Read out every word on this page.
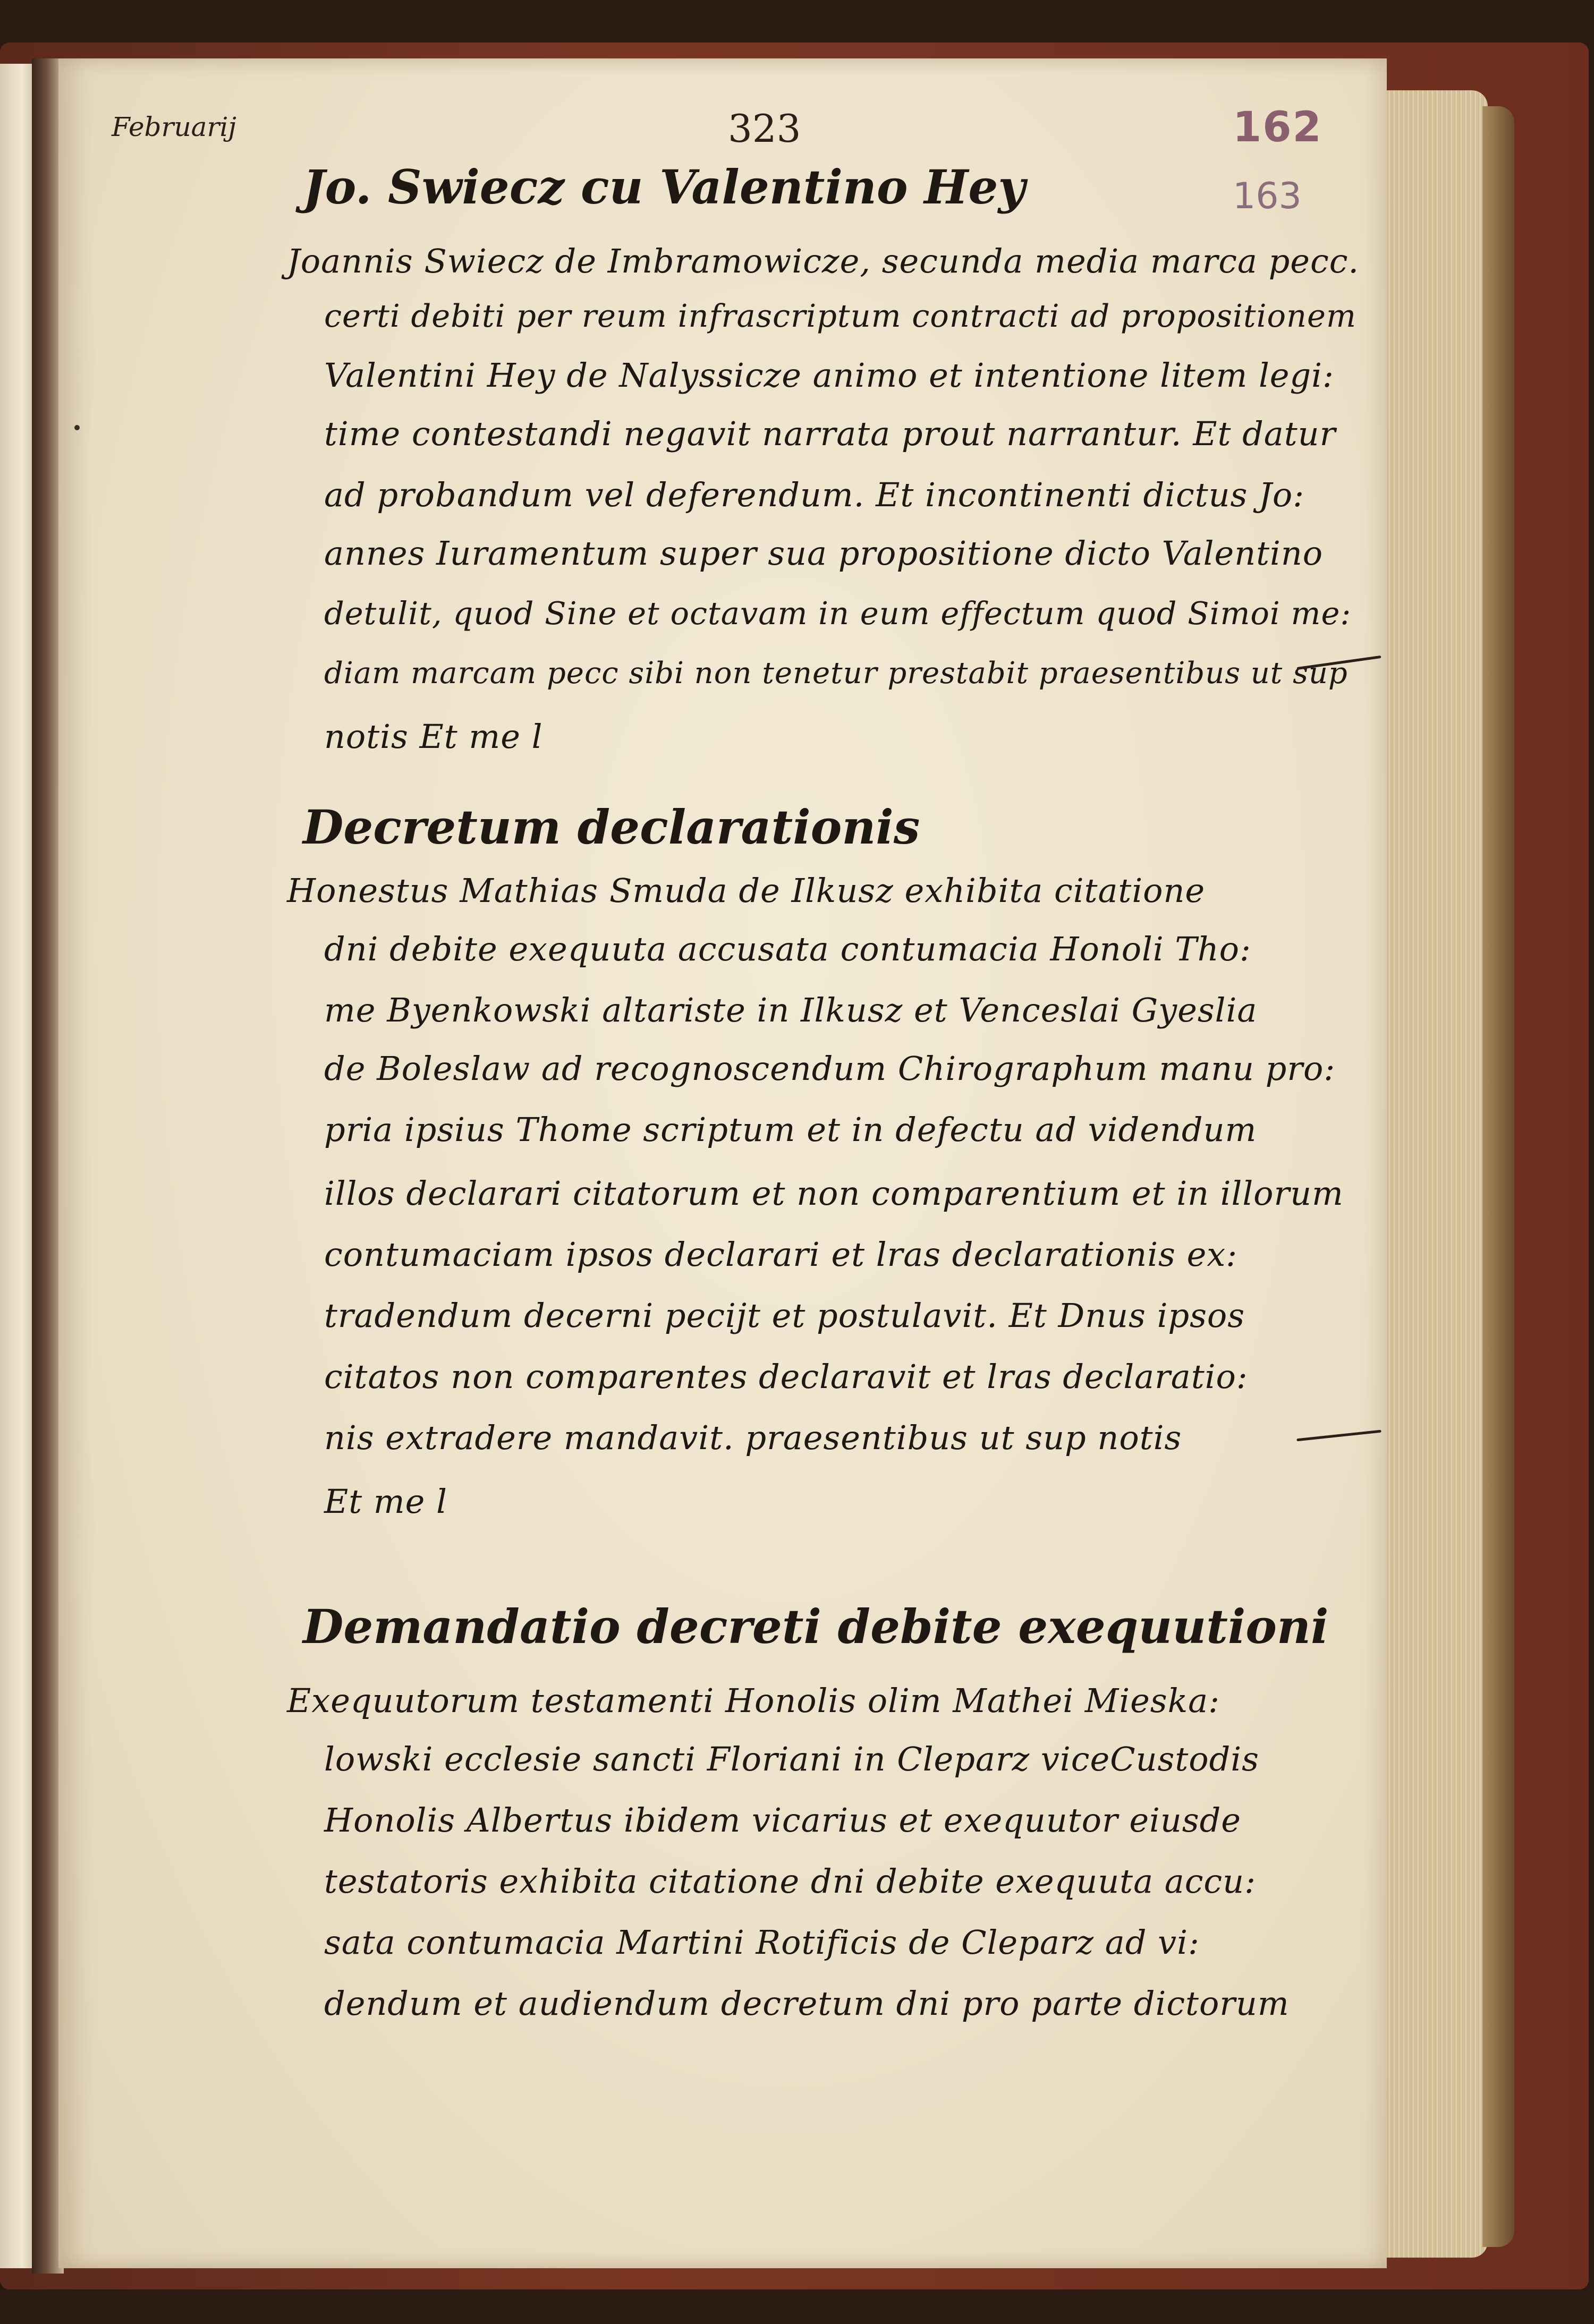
Februarij	323	162
163
Jo. Swiecz cu Valentino Hey
Joannis Swiecz de Imbramowicze, secunda media marca pecc.
certi debiti per reum infrascriptum contracti ad propositionem
Valentini Hey de Nalyssicze animo et intentione litem legi:
time contestandi negavit narrata prout narrantur. Et datur
ad probandum vel deferendum. Et incontinenti dictus Jo:
annes Iuramentum super sua propositione dicto Valentino
detulit, quod Sine et octavam in eum effectum quod Simoi me:
diam marcam pecc sibi non tenetur prestabit praesentibus ut sup
notis Et me l
Decretum declarationis
Honestus Mathias Smuda de Ilkusz exhibita citatione
dni debite exequuta accusata contumacia Honoli Tho:
me Byenkowski altariste in Ilkusz et Venceslai Gyeslia
de Boleslaw ad recognoscendum Chirographum manu pro:
pria ipsius Thome scriptum et in defectu ad videndum
illos declarari citatorum et non comparentium et in illorum
contumaciam ipsos declarari et lras declarationis ex:
tradendum decerni pecijt et postulavit. Et Dnus ipsos
citatos non comparentes declaravit et lras declaratio:
nis extradere mandavit. praesentibus ut sup notis
Et me l
Demandatio decreti debite exequutioni
Exequutorum testamenti Honolis olim Mathei Mieska:
lowski ecclesie sancti Floriani in Cleparz viceCustodis
Honolis Albertus ibidem vicarius et exequutor eiusde
testatoris exhibita citatione dni debite exequuta accu:
sata contumacia Martini Rotificis de Cleparz ad vi:
dendum et audiendum decretum dni pro parte dictorum
